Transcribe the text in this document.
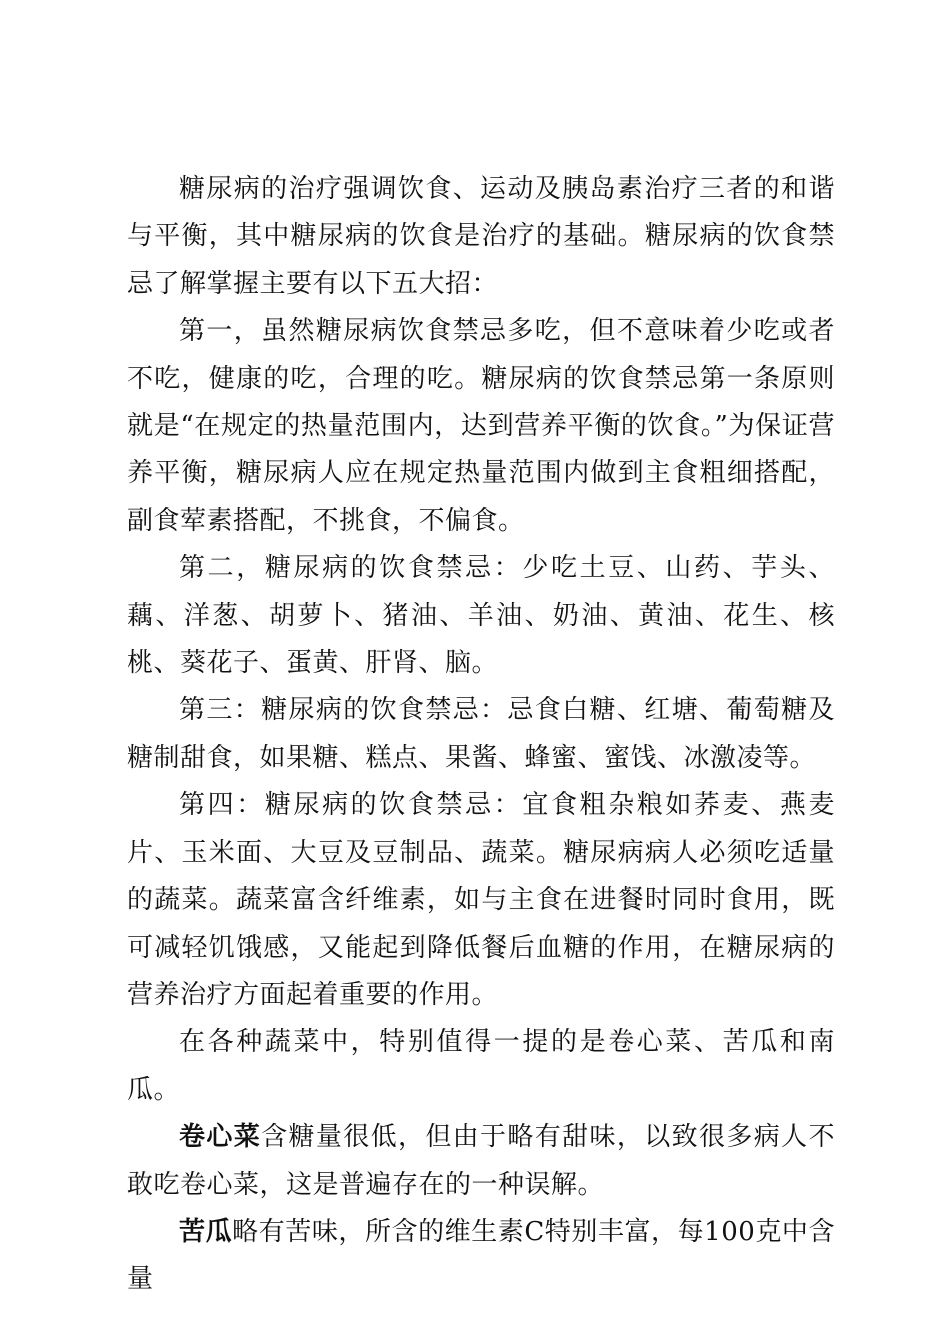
糖尿病的治疗强调饮食、运动及胰岛素治疗三者的和谐与平衡，其中糖尿病的饮食是治疗的基础。糖尿病的饮食禁忌了解掌握主要有以下五大招：

第一，虽然糖尿病饮食禁忌多吃，但不意味着少吃或者不吃，健康的吃，合理的吃。糖尿病的饮食禁忌第一条原则就是“在规定的热量范围内，达到营养平衡的饮食。”为保证营养平衡，糖尿病人应在规定热量范围内做到主食粗细搭配，副食荤素搭配，不挑食，不偏食。

第二，糖尿病的饮食禁忌：少吃土豆、山药、芋头、藕、洋葱、胡萝卜、猪油、羊油、奶油、黄油、花生、核桃、葵花子、蛋黄、肝肾、脑。

第三：糖尿病的饮食禁忌：忌食白糖、红塘、葡萄糖及糖制甜食，如果糖、糕点、果酱、蜂蜜、蜜饯、冰激凌等。

第四：糖尿病的饮食禁忌：宜食粗杂粮如荞麦、燕麦片、玉米面、大豆及豆制品、蔬菜。糖尿病病人必须吃适量的蔬菜。蔬菜富含纤维素，如与主食在进餐时同时食用，既可减轻饥饿感，又能起到降低餐后血糖的作用，在糖尿病的营养治疗方面起着重要的作用。

在各种蔬菜中，特别值得一提的是卷心菜、苦瓜和南瓜。

卷心菜含糖量很低，但由于略有甜味，以致很多病人不敢吃卷心菜，这是普遍存在的一种误解。

苦瓜略有苦味，所含的维生素C特别丰富，每100克中含量
